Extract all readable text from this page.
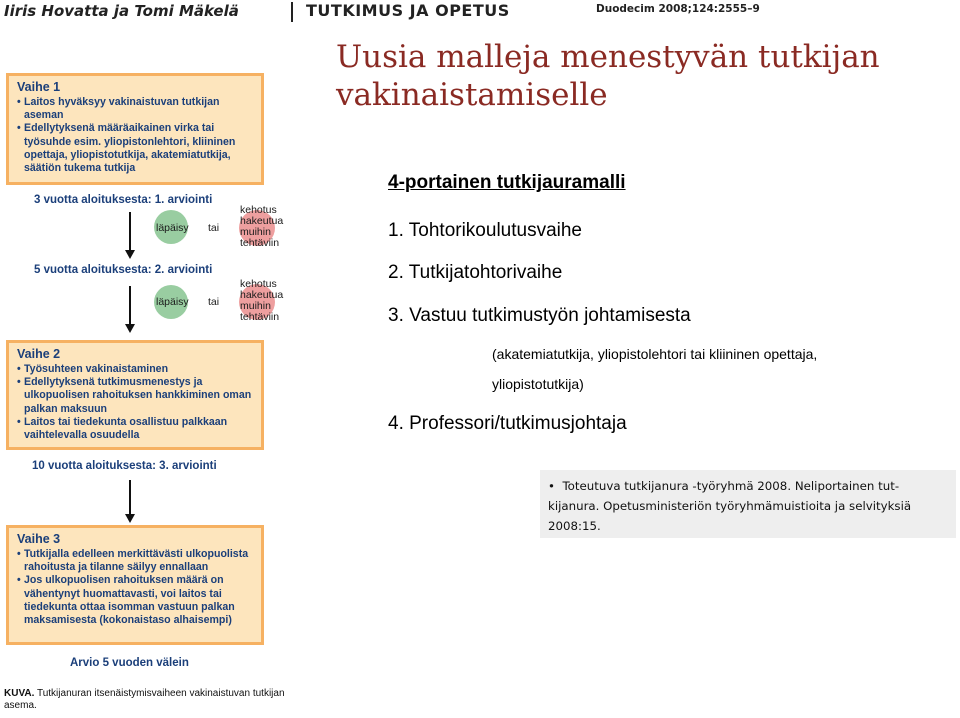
Iiris Hovatta ja Tomi Mäkelä	TUTKIMUS JA OPETUS	Duodecim 2008;124:2555–9
Uusia malleja menestyvän tutkijan vakinaistamiselle
Vaihe 1
• Laitos hyväksyy vakinaistuvan tutkijan aseman
• Edellytyksenä määräaikainen virka tai työsuhde esim. yliopistonlehtori, kliininen opettaja, yliopistotutkija, akatemiatutkija, säätiön tukema tutkija
3 vuotta aloituksesta: 1. arviointi
läpäisy tai
kehotus
hakeutua
muihin
tehtäviin
5 vuotta aloituksesta: 2. arviointi
läpäisy tai
kehotus
hakeutua
muihin
tehtäviin
Vaihe 2
• Työsuhteen vakinaistaminen
• Edellytyksenä tutkimusmenestys ja ulkopuolisen rahoituksen hankkiminen oman palkan maksuun
• Laitos tai tiedekunta osallistuu palkkaan vaihtelevalla osuudella
10 vuotta aloituksesta: 3. arviointi
Vaihe 3
• Tutkijalla edelleen merkittävästi ulkopuolista rahoitusta ja tilanne säilyy ennallaan
• Jos ulkopuolisen rahoituksen määrä on vähentynyt huomattavasti, voi laitos tai tiedekunta ottaa isomman vastuun palkan maksamisesta (kokonaistaso alhaisempi)
Arvio 5 vuoden välein
KUVA. Tutkijanuran itsenäistymisvaiheen vakinaistuvan tutkijan asema.
4-portainen tutkijauramalli
1. Tohtorikoulutusvaihe
2. Tutkijatohtorivaihe
3. Vastuu tutkimustyön johtamisesta
(akatemiatutkija, yliopistolehtori tai kliininen opettaja,
yliopistotutkija)
4. Professori/tutkimusjohtaja
• Toteutuva tutkijanura -työryhmä 2008. Neliportainen tut-
kijanura. Opetusministeriön työryhmämuistioita ja selvityksiä
2008:15.
